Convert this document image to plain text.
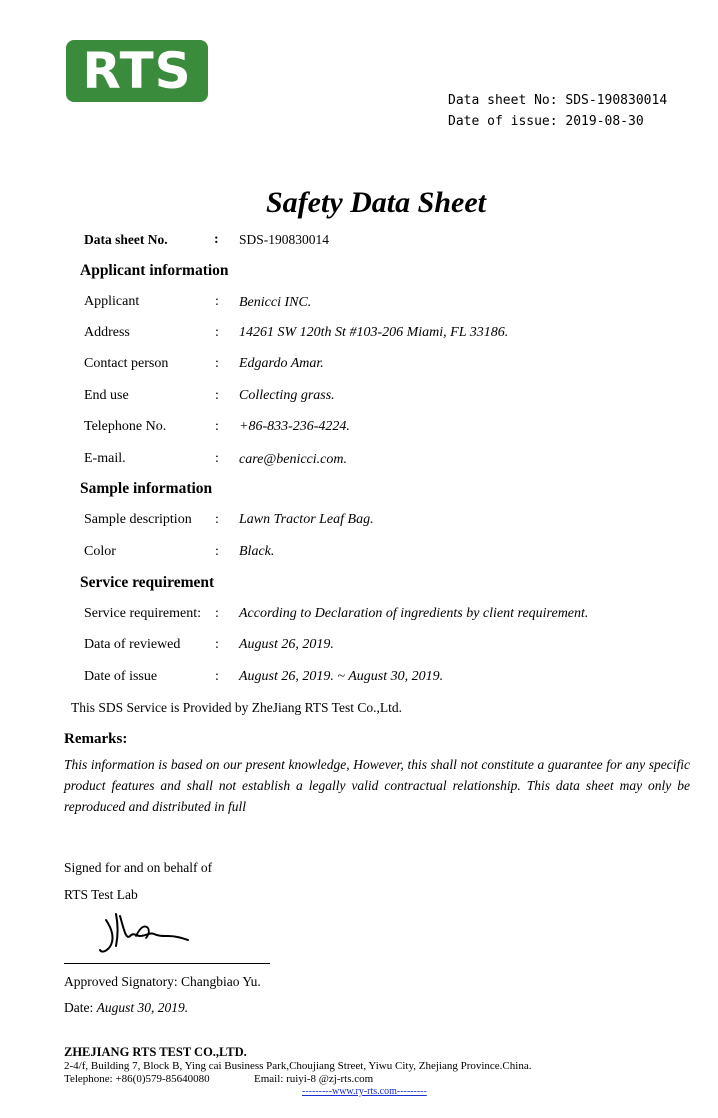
RTS
Data sheet No: SDS-190830014
Date of issue: 2019-08-30
Safety Data Sheet
Data sheet No.	: SDS-190830014
Applicant information
Applicant	: Benicci INC.
Address	: 14261 SW 120th St #103-206 Miami, FL 33186.
Contact person	: Edgardo Amar.
End use	: Collecting grass.
Telephone No.	: +86-833-236-4224.
E-mail.	: care@benicci.com.
Sample information
Sample description : Lawn Tractor Leaf Bag.
Color	: Black.
Service requirement
Service requirement: : According to Declaration of ingredients by client requirement.
Data of reviewed : August 26, 2019.
Date of issue	: August 26, 2019. ~ August 30, 2019.
This SDS Service is Provided by ZheJiang RTS Test Co.,Ltd.
Remarks:
This information is based on our present knowledge, However, this shall not constitute a guarantee for any specific product features and shall not establish a legally valid contractual relationship. This data sheet may only be reproduced and distributed in full
Signed for and on behalf of
RTS Test Lab
Approved Signatory: Changbiao Yu.
Date: August 30, 2019.
ZHEJIANG RTS TEST CO.,LTD.
2-4/f, Building 7, Block B, Ying cai Business Park,Choujiang Street, Yiwu City, Zhejiang Province.China.
Telephone: +86(0)579-85640080	Email: ruiyi-8 @zj-rts.com
---------www.ry-rts.com---------
